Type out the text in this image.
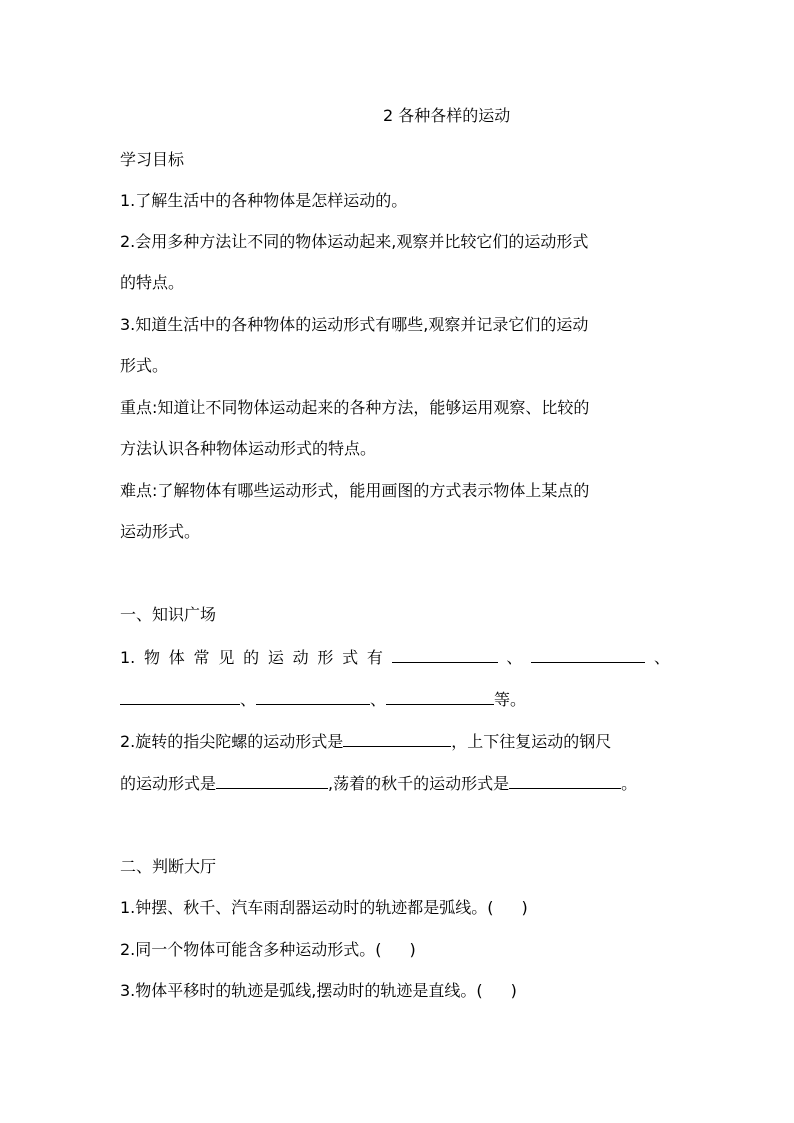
2 各种各样的运动
学习目标
1.了解生活中的各种物体是怎样运动的。
2.会用多种方法让不同的物体运动起来,观察并比较它们的运动形式
的特点。
3.知道生活中的各种物体的运动形式有哪些,观察并记录它们的运动
形式。
重点:知道让不同物体运动起来的各种方法，能够运用观察、比较的
方法认识各种物体运动形式的特点。
难点:了解物体有哪些运动形式，能用画图的方式表示物体上某点的
运动形式。
一、知识广场
1. 物 体 常 见 的 运 动 形 式 有	、	、
、	、	等。
2.旋转的指尖陀螺的运动形式是	，上下往复运动的钢尺
的运动形式是	,荡着的秋千的运动形式是	。
二、判断大厅
1.钟摆、秋千、汽车雨刮器运动时的轨迹都是弧线。( )
2.同一个物体可能含多种运动形式。( )
3.物体平移时的轨迹是弧线,摆动时的轨迹是直线。( )
